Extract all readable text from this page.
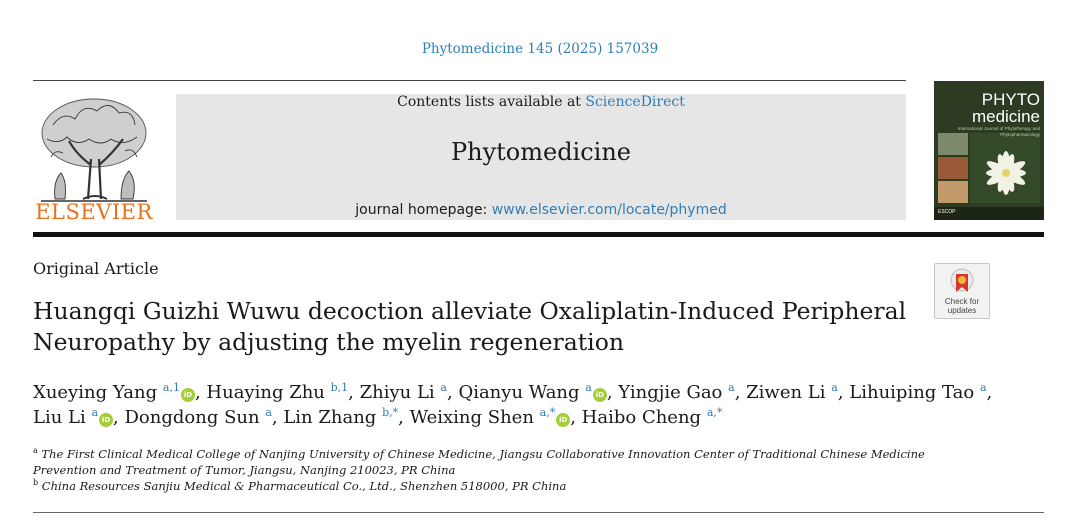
Phytomedicine 145 (2025) 157039
ELSEVIER
Contents lists available at ScienceDirect
Phytomedicine
journal homepage: www.elsevier.com/locate/phymed
PHYTO
medicine
International Journal of Phytotherapy and Phytopharmacology
ESCOP
Original Article
Check for
updates
Huangqi Guizhi Wuwu decoction alleviate Oxaliplatin-Induced Peripheral Neuropathy by adjusting the myelin regeneration
Xueying Yang $^{a,1}$iD , Huaying Zhu $^{b,1}$, Zhiyu Li $^a$, Qianyu Wang $^a$iD , Yingjie Gao $^a$, Ziwen Li $^a$, Lihuiping Tao $^a$, Liu Li $^a$iD , Dongdong Sun $^a$, Lin Zhang $^{b,*}$, Weixing Shen $^{a,*}$iD , Haibo Cheng $^{a,*}$
$^a$ The First Clinical Medical College of Nanjing University of Chinese Medicine, Jiangsu Collaborative Innovation Center of Traditional Chinese Medicine Prevention and Treatment of Tumor, Jiangsu, Nanjing 210023, PR China
$^b$ China Resources Sanjiu Medical & Pharmaceutical Co., Ltd., Shenzhen 518000, PR China
